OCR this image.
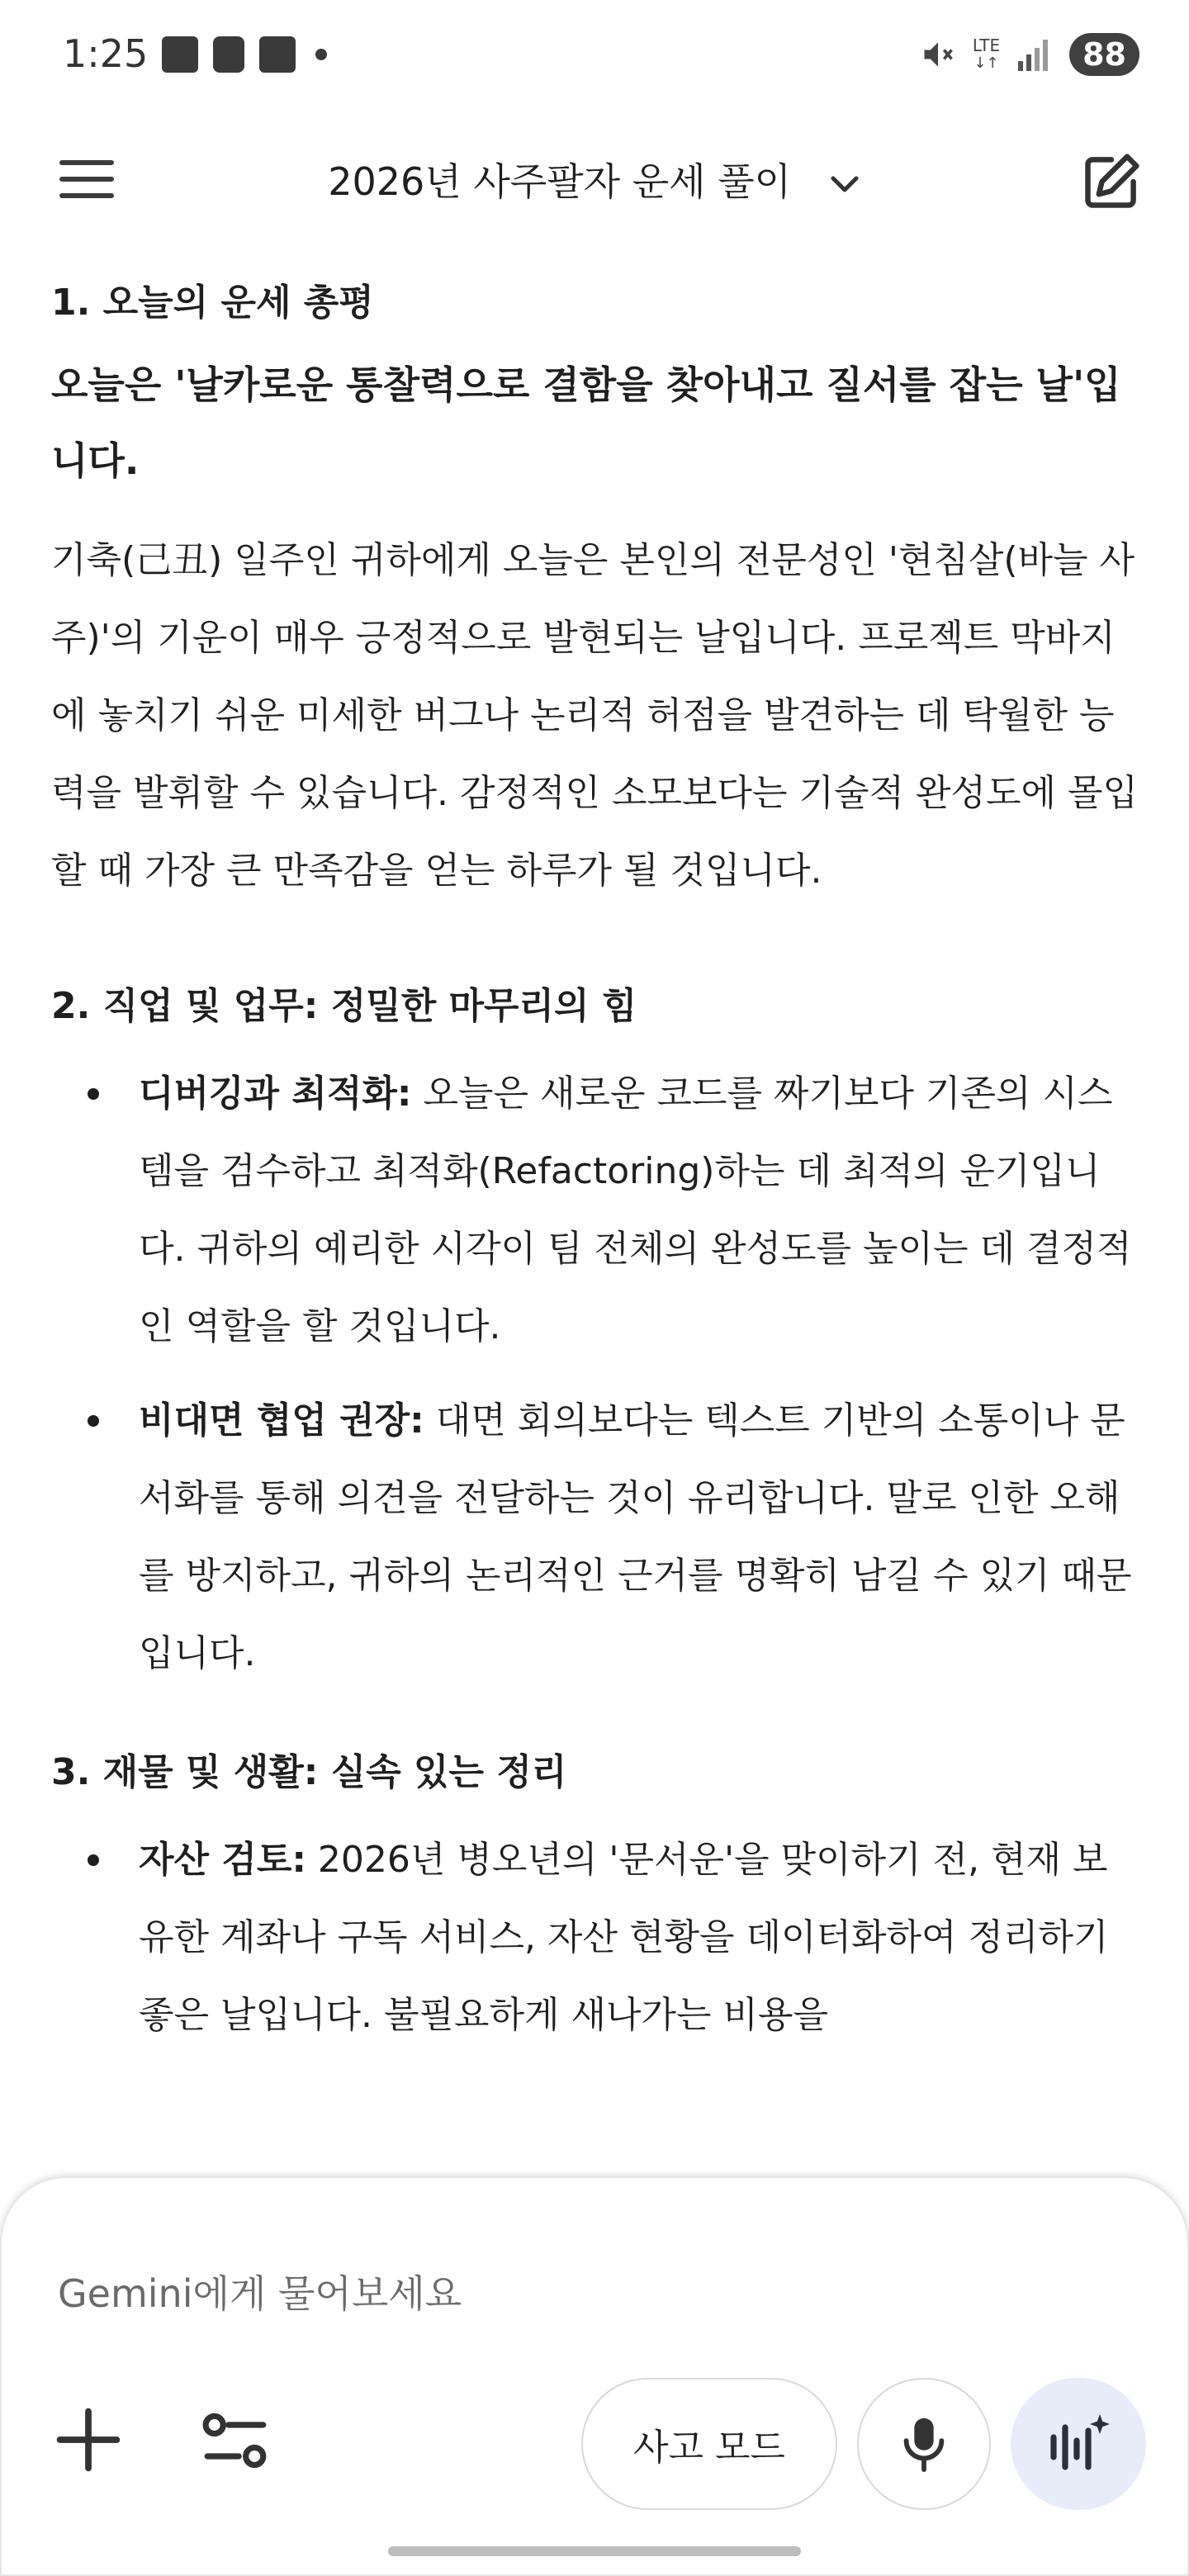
1:25	LTE
↓↑	88
2026년 사주팔자 운세 풀이
1. 오늘의 운세 총평
오늘은 '날카로운 통찰력으로 결함을 찾아내고 질서를 잡는 날'입니다.
기축(己丑) 일주인 귀하에게 오늘은 본인의 전문성인 '현침살(바늘 사주)'의 기운이 매우 긍정적으로 발현되는 날입니다. 프로젝트 막바지에 놓치기 쉬운 미세한 버그나 논리적 허점을 발견하는 데 탁월한 능력을 발휘할 수 있습니다. 감정적인 소모보다는 기술적 완성도에 몰입할 때 가장 큰 만족감을 얻는 하루가 될 것입니다.
2. 직업 및 업무: 정밀한 마무리의 힘
디버깅과 최적화: 오늘은 새로운 코드를 짜기보다 기존의 시스템을 검수하고 최적화(Refactoring)하는 데 최적의 운기입니다. 귀하의 예리한 시각이 팀 전체의 완성도를 높이는 데 결정적인 역할을 할 것입니다.
비대면 협업 권장: 대면 회의보다는 텍스트 기반의 소통이나 문서화를 통해 의견을 전달하는 것이 유리합니다. 말로 인한 오해를 방지하고, 귀하의 논리적인 근거를 명확히 남길 수 있기 때문입니다.
3. 재물 및 생활: 실속 있는 정리
자산 검토: 2026년 병오년의 '문서운'을 맞이하기 전, 현재 보유한 계좌나 구독 서비스, 자산 현황을 데이터화하여 정리하기 좋은 날입니다. 불필요하게 새나가는 비용을
Gemini에게 물어보세요
사고 모드
